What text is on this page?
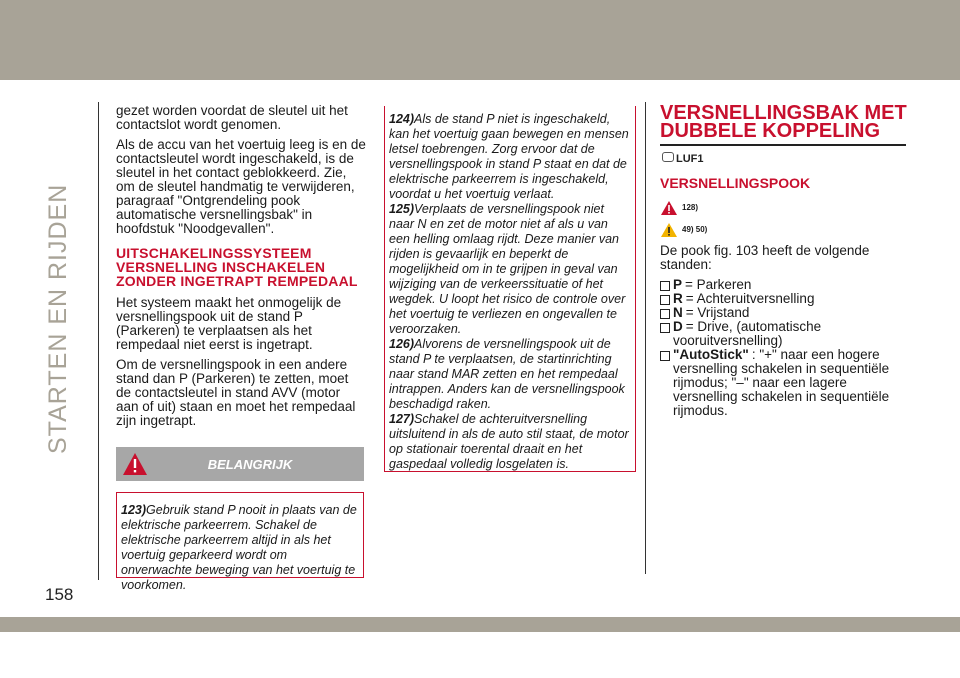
STARTEN EN RIJDEN
158

gezet worden voordat de sleutel uit het contactslot wordt genomen.

Als de accu van het voertuig leeg is en de contactsleutel wordt ingeschakeld, is de sleutel in het contact geblokkeerd. Zie, om de sleutel handmatig te verwijderen, paragraaf "Ontgrendeling pook automatische versnellingsbak" in hoofdstuk "Noodgevallen".

UITSCHAKELINGSSYSTEEM VERSNELLING INSCHAKELEN ZONDER INGETRAPT REMPEDAAL

Het systeem maakt het onmogelijk de versnellingspook uit de stand P (Parkeren) te verplaatsen als het rempedaal niet eerst is ingetrapt.

Om de versnellingspook in een andere stand dan P (Parkeren) te zetten, moet de contactsleutel in stand AVV (motor aan of uit) staan en moet het rempedaal zijn ingetrapt.

BELANGRIJK
123)Gebruik stand P nooit in plaats van de elektrische parkeerrem. Schakel de elektrische parkeerrem altijd in als het voertuig geparkeerd wordt om onverwachte beweging van het voertuig te voorkomen.
124)Als de stand P niet is ingeschakeld, kan het voertuig gaan bewegen en mensen letsel toebrengen. Zorg ervoor dat de versnellingspook in stand P staat en dat de elektrische parkeerrem is ingeschakeld, voordat u het voertuig verlaat.
125)Verplaats de versnellingspook niet naar N en zet de motor niet af als u van een helling omlaag rijdt. Deze manier van rijden is gevaarlijk en beperkt de mogelijkheid om in te grijpen in geval van wijziging van de verkeerssituatie of het wegdek. U loopt het risico de controle over het voertuig te verliezen en ongevallen te veroorzaken.
126)Alvorens de versnellingspook uit de stand P te verplaatsen, de startinrichting naar stand MAR zetten en het rempedaal intrappen. Anders kan de versnellingspook beschadigd raken.
127)Schakel de achteruitversnelling uitsluitend in als de auto stil staat, de motor op stationair toerental draait en het gaspedaal volledig losgelaten is.
VERSNELLINGSBAK MET DUBBELE KOPPELING
LUF1
VERSNELLINGSPOOK
128)
49) 50)

De pook fig. 103 heeft de volgende standen:

P = Parkeren
R = Achteruitversnelling
N = Vrijstand
D = Drive, (automatische vooruitversnelling)
"AutoStick" : "+" naar een hogere versnelling schakelen in sequentiële rijmodus; "–" naar een lagere versnelling schakelen in sequentiële rijmodus.
